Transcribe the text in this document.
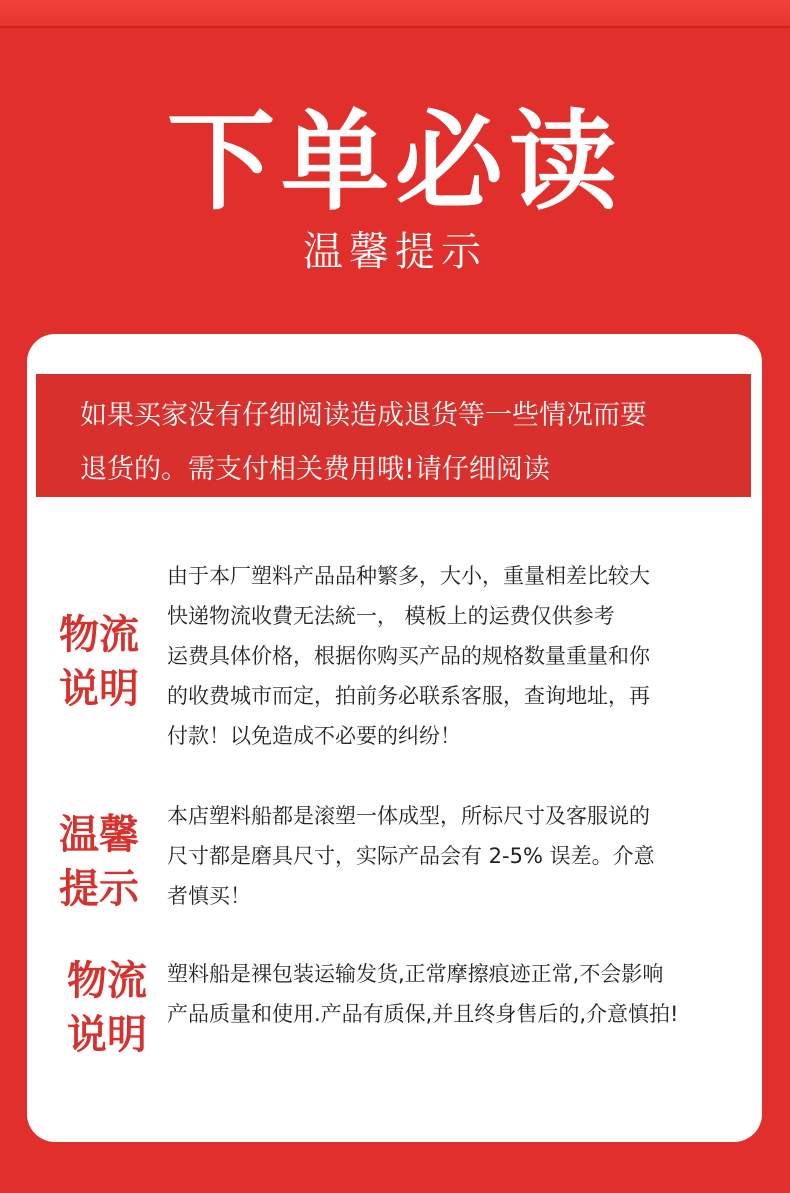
下单必读
温馨提示
如果买家没有仔细阅读造成退货等一些情况而要
退货的。需支付相关费用哦!请仔细阅读
物流
说明
由于本厂塑料产品品种繁多，大小，重量相差比较大
快递物流收費无法統一， 模板上的运费仅供参考
运费具体价格，根据你购买产品的规格数量重量和你
的收费城市而定，拍前务必联系客服，查询地址，再
付款！以免造成不必要的纠纷！
温馨
提示
本店塑料船都是滚塑一体成型，所标尺寸及客服说的
尺寸都是磨具尺寸，实际产品会有 2-5% 误差。介意
者慎买！
物流
说明
塑料船是裸包装运输发货,正常摩擦痕迹正常,不会影响
产品质量和使用.产品有质保,并且终身售后的,介意慎拍!
